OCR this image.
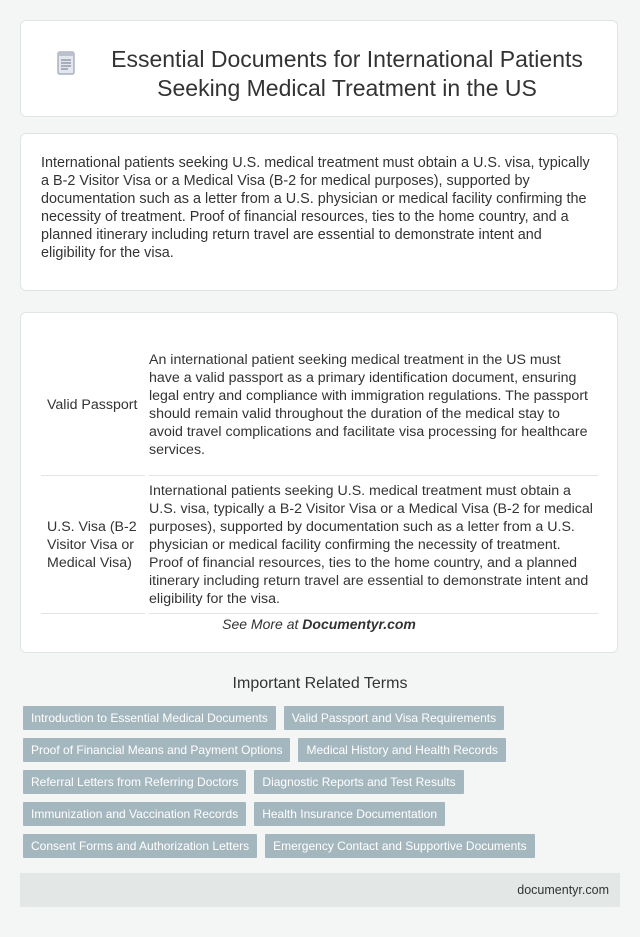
Essential Documents for International Patients Seeking Medical Treatment in the US

International patients seeking U.S. medical treatment must obtain a U.S. visa, typically a B-2 Visitor Visa or a Medical Visa (B-2 for medical purposes), supported by documentation such as a letter from a U.S. physician or medical facility confirming the necessity of treatment. Proof of financial resources, ties to the home country, and a planned itinerary including return travel are essential to demonstrate intent and eligibility for the visa.

Valid Passport		An international patient seeking medical treatment in the US must have a valid passport as a primary identification document, ensuring legal entry and compliance with immigration regulations. The passport should remain valid throughout the duration of the medical stay to avoid travel complications and facilitate visa processing for healthcare services.
U.S. Visa (B-2 Visitor Visa or Medical Visa)		International patients seeking U.S. medical treatment must obtain a U.S. visa, typically a B-2 Visitor Visa or a Medical Visa (B-2 for medical purposes), supported by documentation such as a letter from a U.S. physician or medical facility confirming the necessity of treatment. Proof of financial resources, ties to the home country, and a planned itinerary including return travel are essential to demonstrate intent and eligibility for the visa.
See More at Documentyr.com
Important Related Terms
Introduction to Essential Medical Documents	Valid Passport and Visa Requirements
Proof of Financial Means and Payment Options	Medical History and Health Records
Referral Letters from Referring Doctors	Diagnostic Reports and Test Results
Immunization and Vaccination Records	Health Insurance Documentation
Consent Forms and Authorization Letters	Emergency Contact and Supportive Documents
documentyr.com
